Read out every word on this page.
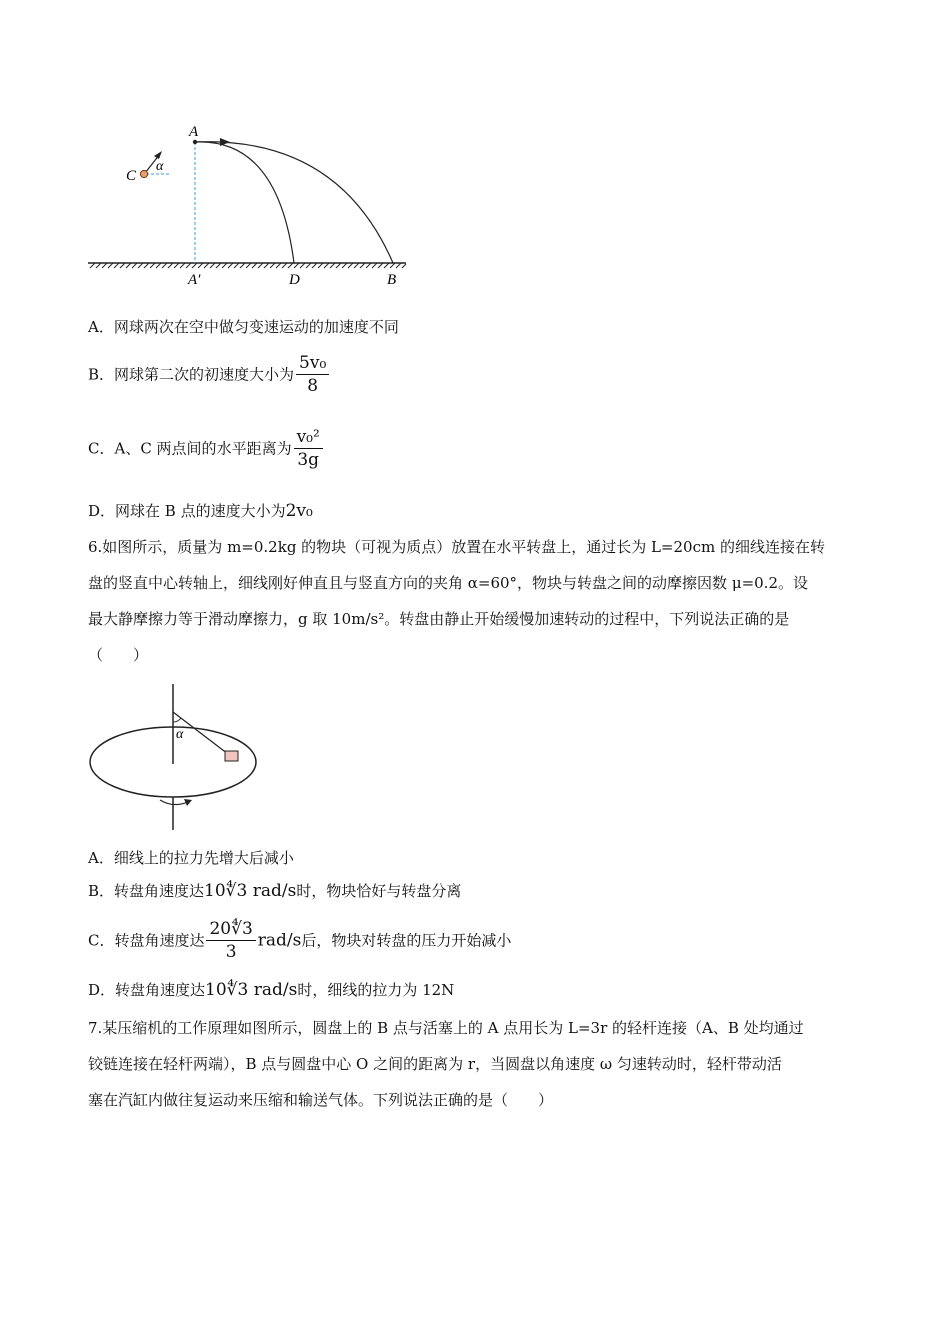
A
C
α
A′	D	B
A．网球两次在空中做匀变速运动的加速度不同
B．网球第二次的初速度大小为 $\frac{\text{5v₀}}{8}$
C．A、C 两点间的水平距离为 $\frac{\text{v₀²}}{3g}$
D．网球在 B 点的速度大小为2v₀
6.如图所示，质量为 m=0.2kg 的物块（可视为质点）放置在水平转盘上，通过长为 L=20cm 的细线连接在转
盘的竖直中心转轴上，细线刚好伸直且与竖直方向的夹角 α=60°，物块与转盘之间的动摩擦因数 μ=0.2。设
最大静摩擦力等于滑动摩擦力，g 取 10m/s²。转盘由静止开始缓慢加速转动的过程中，下列说法正确的是
（　　）
α
A．细线上的拉力先增大后减小
B．转盘角速度达10∜3 rad/s时，物块恰好与转盘分离
C．转盘角速度达 $\frac{20∜3}{3} rad/s$后，物块对转盘的压力开始减小
D．转盘角速度达10∜3 rad/s时，细线的拉力为 12N
7.某压缩机的工作原理如图所示，圆盘上的 B 点与活塞上的 A 点用长为 L=3r 的轻杆连接（A、B 处均通过
铰链连接在轻杆两端），B 点与圆盘中心 O 之间的距离为 r，当圆盘以角速度 ω 匀速转动时，轻杆带动活
塞在汽缸内做往复运动来压缩和输送气体。下列说法正确的是（　　）
